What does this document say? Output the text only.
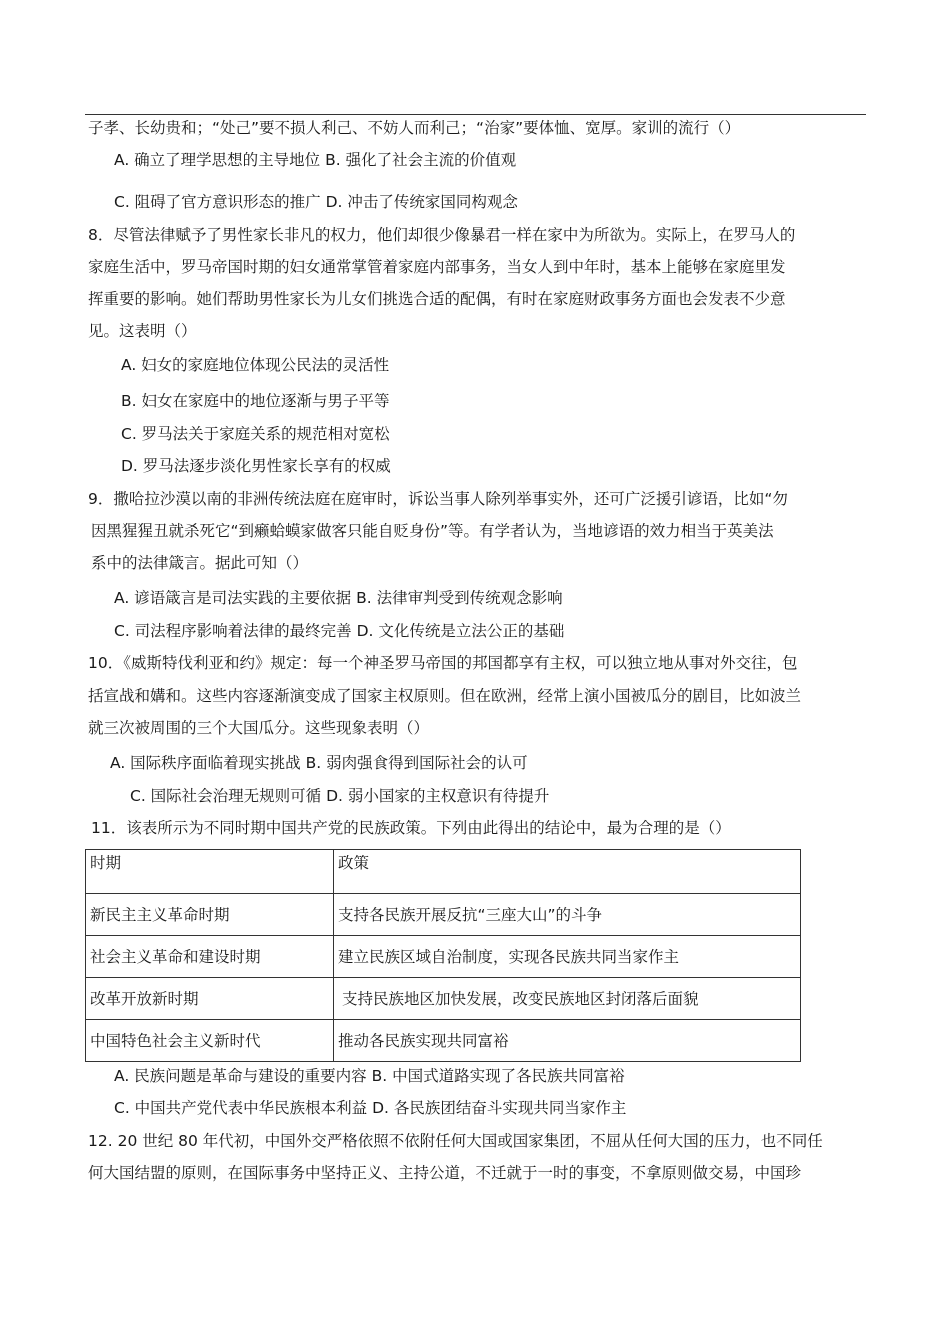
子孝、长幼贵和；“处己”要不损人利己、不妨人而利己；“治家”要体恤、宽厚。家训的流行（）
A. 确立了理学思想的主导地位 B. 强化了社会主流的价值观
C. 阻碍了官方意识形态的推广 D. 冲击了传统家国同构观念
8．尽管法律赋予了男性家长非凡的权力，他们却很少像暴君一样在家中为所欲为。实际上，在罗马人的
家庭生活中，罗马帝国时期的妇女通常掌管着家庭内部事务，当女人到中年时，基本上能够在家庭里发
挥重要的影响。她们帮助男性家长为儿女们挑选合适的配偶，有时在家庭财政事务方面也会发表不少意
见。这表明（）
A. 妇女的家庭地位体现公民法的灵活性
B. 妇女在家庭中的地位逐渐与男子平等
C. 罗马法关于家庭关系的规范相对宽松
D. 罗马法逐步淡化男性家长享有的权威
9．撒哈拉沙漠以南的非洲传统法庭在庭审时，诉讼当事人除列举事实外，还可广泛援引谚语，比如“勿
因黑猩猩丑就杀死它“到癞蛤蟆家做客只能自贬身份”等。有学者认为，当地谚语的效力相当于英美法
系中的法律箴言。据此可知（）
A. 谚语箴言是司法实践的主要依据 B. 法律审判受到传统观念影响
C. 司法程序影响着法律的最终完善 D. 文化传统是立法公正的基础
10．《威斯特伐利亚和约》规定：每一个神圣罗马帝国的邦国都享有主权，可以独立地从事对外交往，包
括宣战和媾和。这些内容逐渐演变成了国家主权原则。但在欧洲，经常上演小国被瓜分的剧目，比如波兰
就三次被周围的三个大国瓜分。这些现象表明（）
A. 国际秩序面临着现实挑战 B. 弱肉强食得到国际社会的认可
C. 国际社会治理无规则可循 D. 弱小国家的主权意识有待提升
11．该表所示为不同时期中国共产党的民族政策。下列由此得出的结论中，最为合理的是（）
时期	政策
新民主主义革命时期	支持各民族开展反抗“三座大山”的斗争
社会主义革命和建设时期	建立民族区域自治制度，实现各民族共同当家作主
改革开放新时期	支持民族地区加快发展，改变民族地区封闭落后面貌
中国特色社会主义新时代	推动各民族实现共同富裕
A. 民族问题是革命与建设的重要内容 B. 中国式道路实现了各民族共同富裕
C. 中国共产党代表中华民族根本利益 D. 各民族团结奋斗实现共同当家作主
12. 20 世纪 80 年代初，中国外交严格依照不依附任何大国或国家集团，不屈从任何大国的压力，也不同任
何大国结盟的原则，在国际事务中坚持正义、主持公道，不迁就于一时的事变，不拿原则做交易，中国珍
